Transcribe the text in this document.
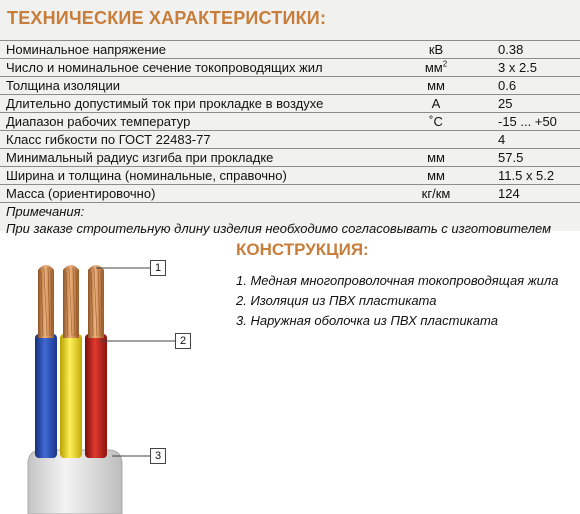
ТЕХНИЧЕСКИЕ ХАРАКТЕРИСТИКИ:
Номинальное напряжение	кВ	0.38
Число и номинальное сечение токопроводящих жил	$мм^2$	3 x 2.5
Толщина изоляции	мм	0.6
Длительно допустимый ток при прокладке в воздухе	А	25
Диапазон рабочих температур	˚С	-15 ... +50
Класс гибкости по ГОСТ 22483-77		4
Минимальный радиус изгиба при прокладке	мм	57.5
Ширина и толщина (номинальные, справочно)	мм	11.5 x 5.2
Масса (ориентировочно)	кг/км	124
Примечания:		
При заказе строительную длину изделия необходимо согласовывать с изготовителем		
1
2
3
КОНСТРУКЦИЯ:
1. Медная многопроволочная токопроводящая жила
2. Изоляция из ПВХ пластиката
3. Наружная оболочка из ПВХ пластиката
